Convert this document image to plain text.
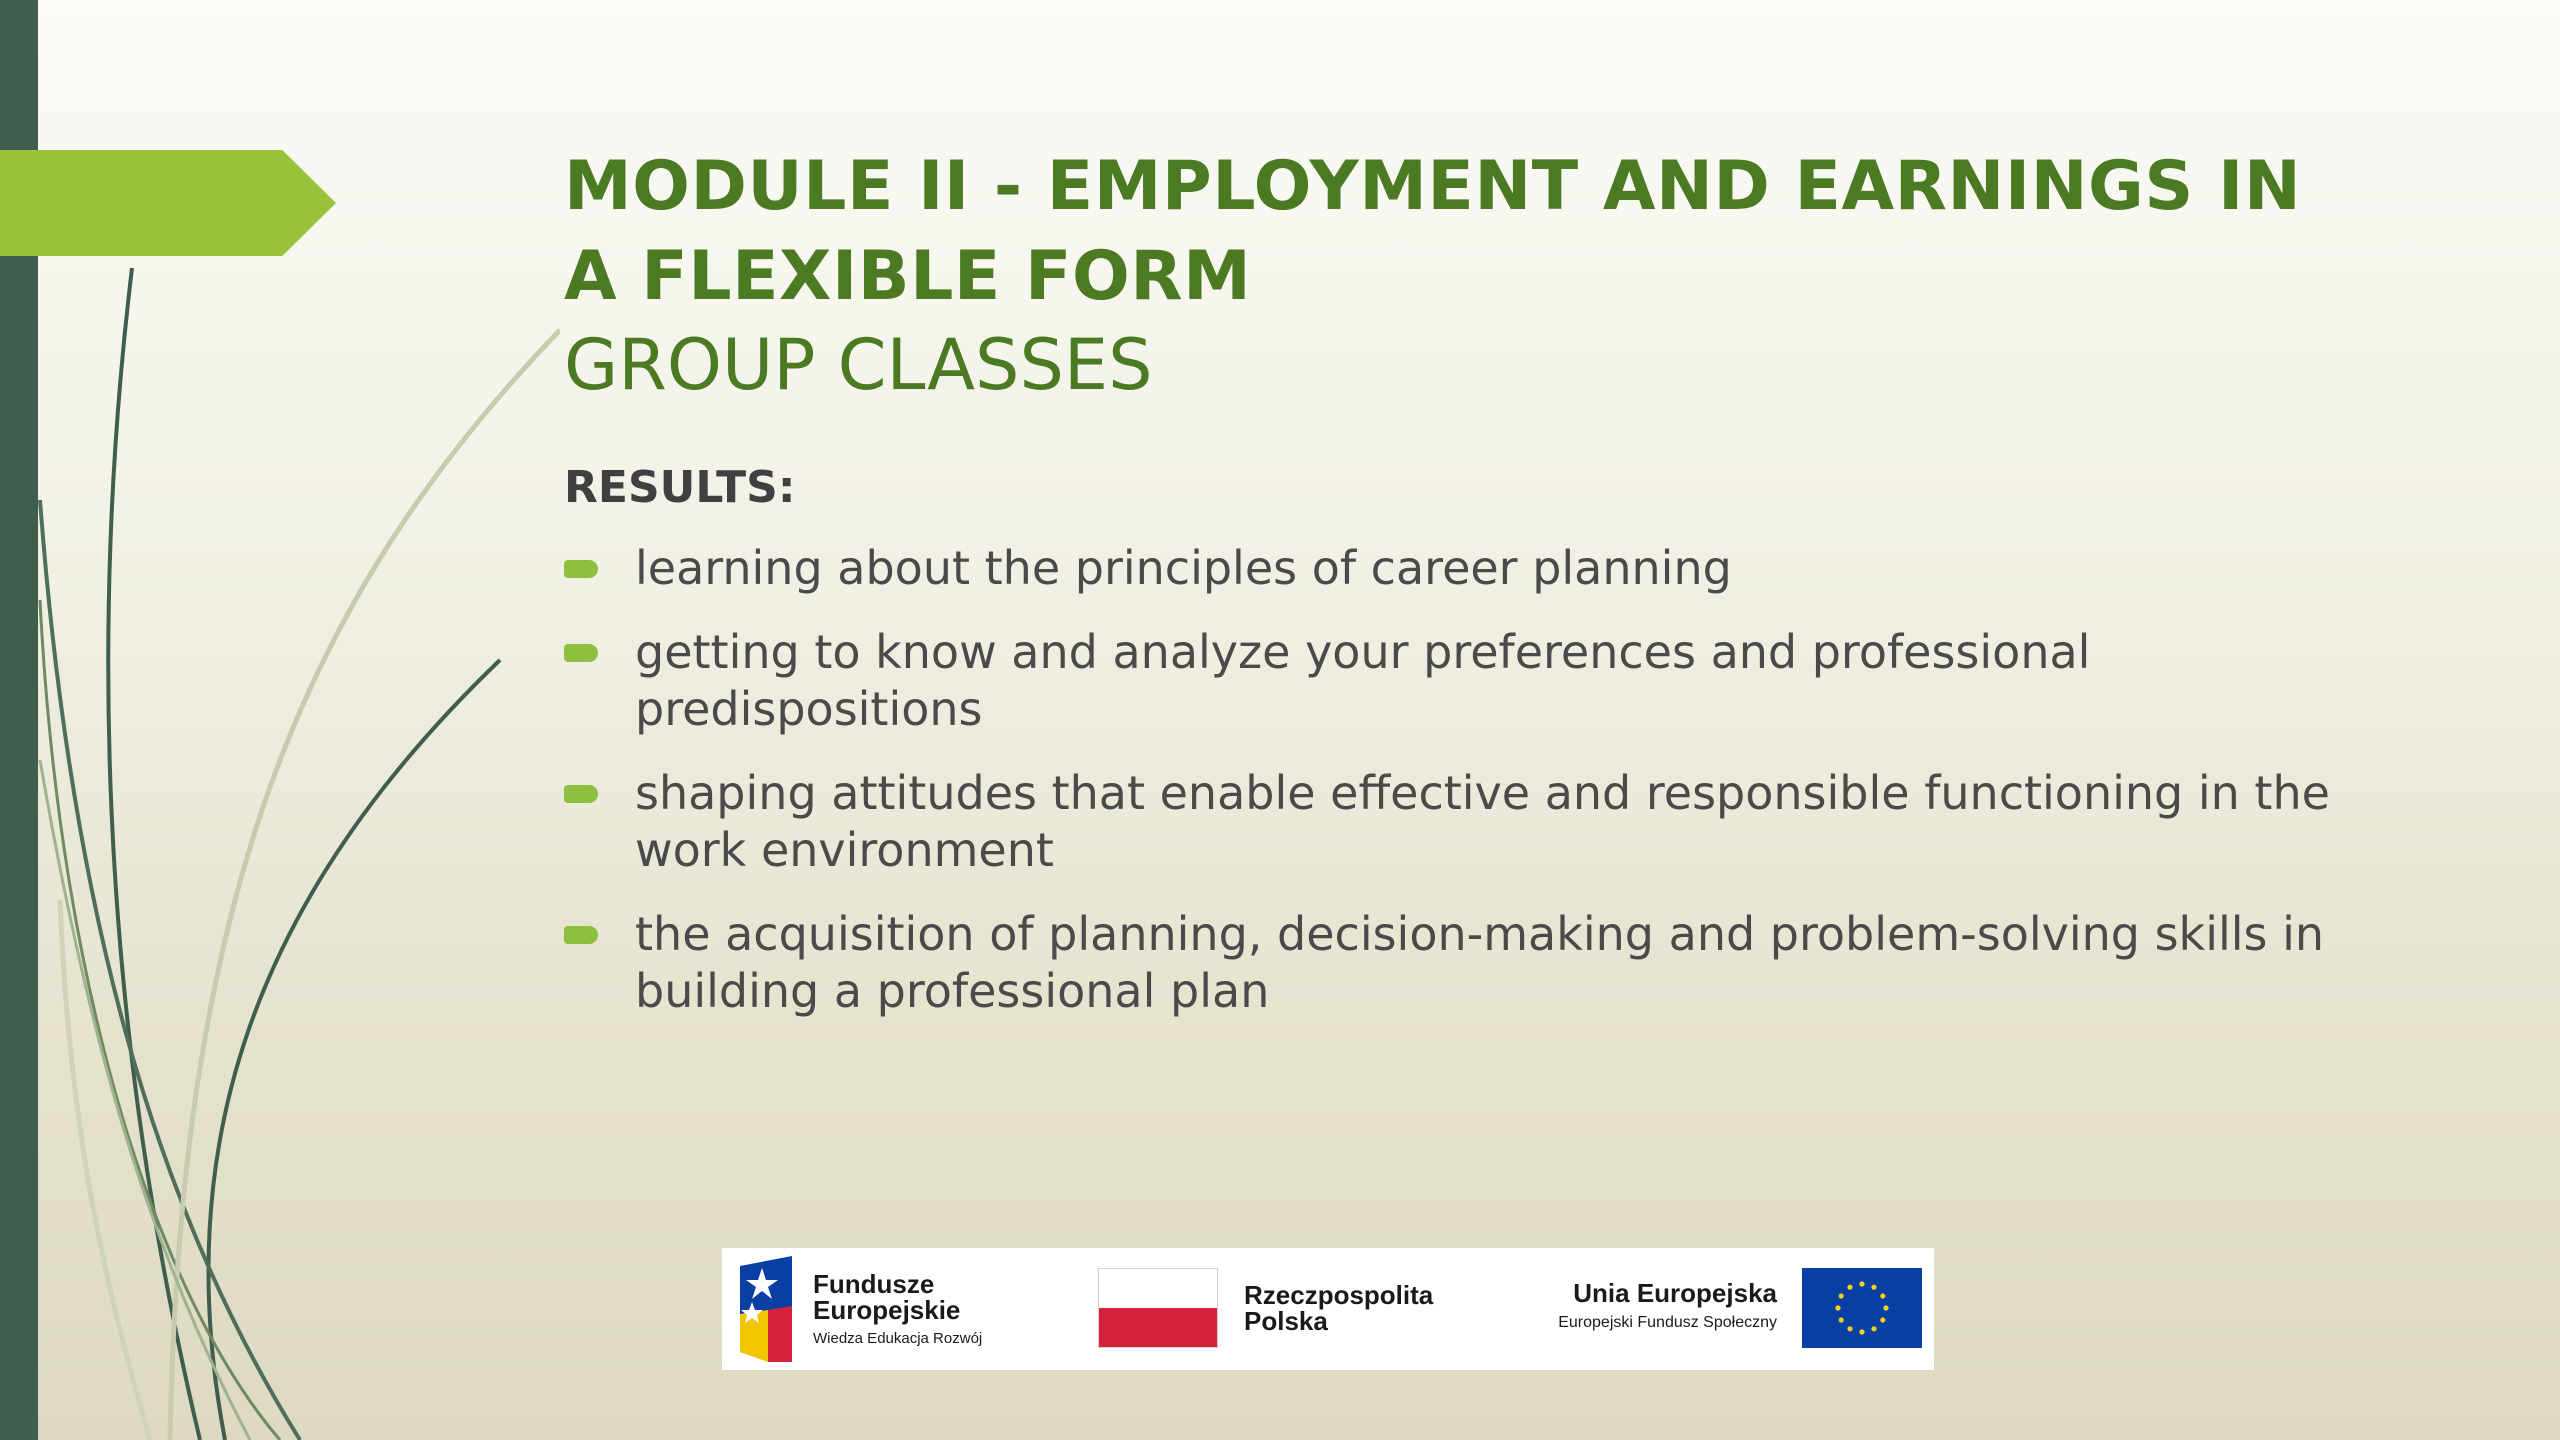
MODULE II - EMPLOYMENT AND EARNINGS IN A FLEXIBLE FORM
GROUP CLASSES
RESULTS:
learning about the principles of career planning
getting to know and analyze your preferences and professional predispositions
shaping attitudes that enable effective and responsible functioning in the work environment
the acquisition of planning, decision-making and problem-solving skills in building a professional plan
Fundusze
Europejskie
Wiedza Edukacja Rozwój
Rzeczpospolita
Polska
Unia Europejska
Europejski Fundusz Społeczny
